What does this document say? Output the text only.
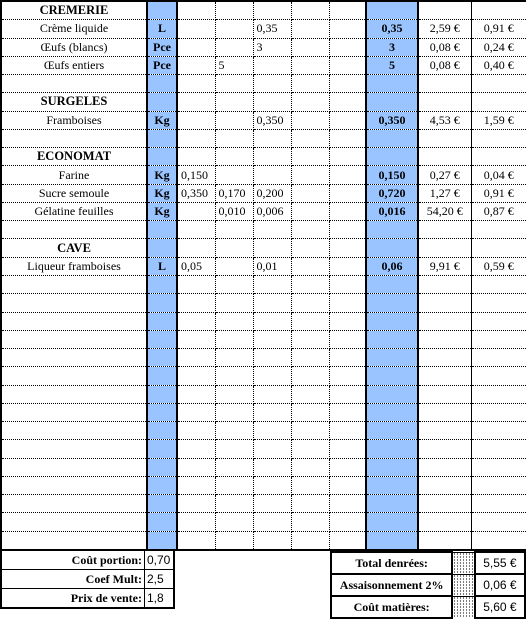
CREMERIE									
Crème liquide	L			0,35			0,35	2,59 €	0,91 €
Œufs (blancs)	Pce			3			3	0,08 €	0,24 €
Œufs entiers	Pce		5				5	0,08 €	0,40 €

SURGELES									
Framboises	Kg			0,350			0,350	4,53 €	1,59 €

ECONOMAT									
Farine	Kg	0,150					0,150	0,27 €	0,04 €
Sucre semoule	Kg	0,350	0,170	0,200			0,720	1,27 €	0,91 €
Gélatine feuilles	Kg		0,010	0,006			0,016	54,20 €	0,87 €

CAVE									
Liqueur framboises	L	0,05		0,01			0,06	9,91 €	0,59 €

Coût portion:	0,70
Coef Mult:	2,5
Prix de vente:	1,8
Total denrées:		5,55 €
Assaisonnement 2%		0,06 €
Coût matières:		5,60 €
